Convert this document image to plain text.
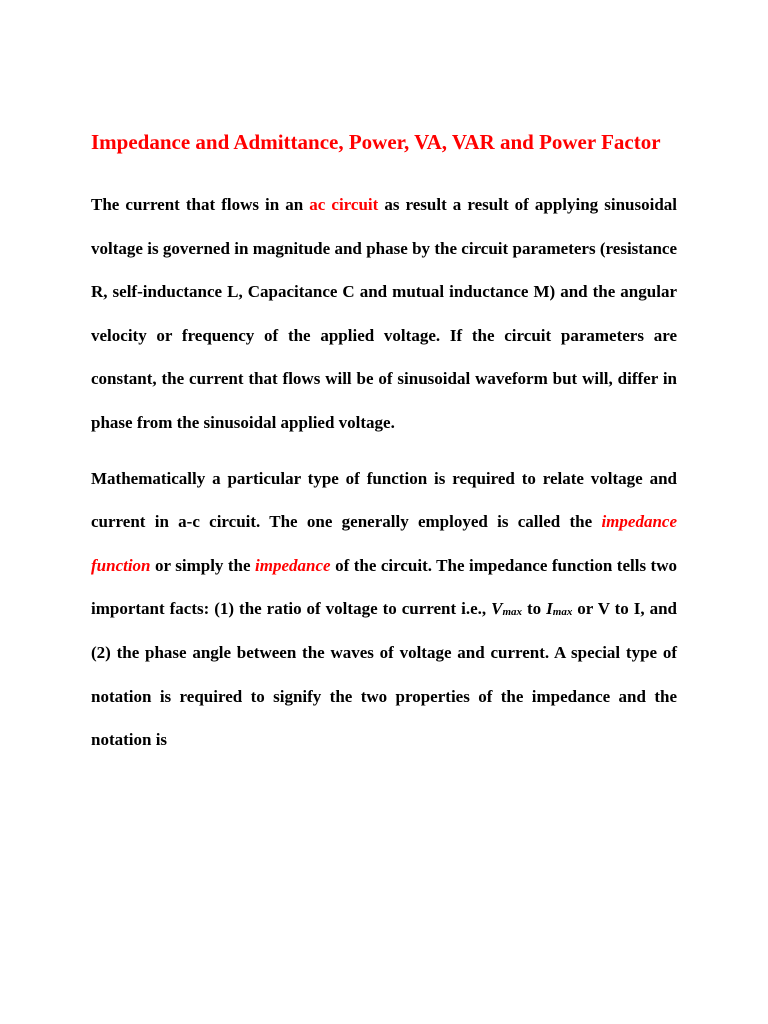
Impedance and Admittance, Power, VA, VAR and Power Factor

The current that flows in an ac circuit as result a result of applying sinusoidal voltage is governed in magnitude and phase by the circuit parameters (resistance R, self-inductance L, Capacitance C and mutual inductance M) and the angular velocity or frequency of the applied voltage. If the circuit parameters are constant, the current that flows will be of sinusoidal waveform but will, differ in phase from the sinusoidal applied voltage.

Mathematically a particular type of function is required to relate voltage and current in a-c circuit. The one generally employed is called the impedance function or simply the impedance of the circuit. The impedance function tells two important facts: (1) the ratio of voltage to current i.e., $V_{max}$ to $I_{max}$ or V to I, and (2) the phase angle between the waves of voltage and current. A special type of notation is required to signify the two properties of the impedance and the notation is
